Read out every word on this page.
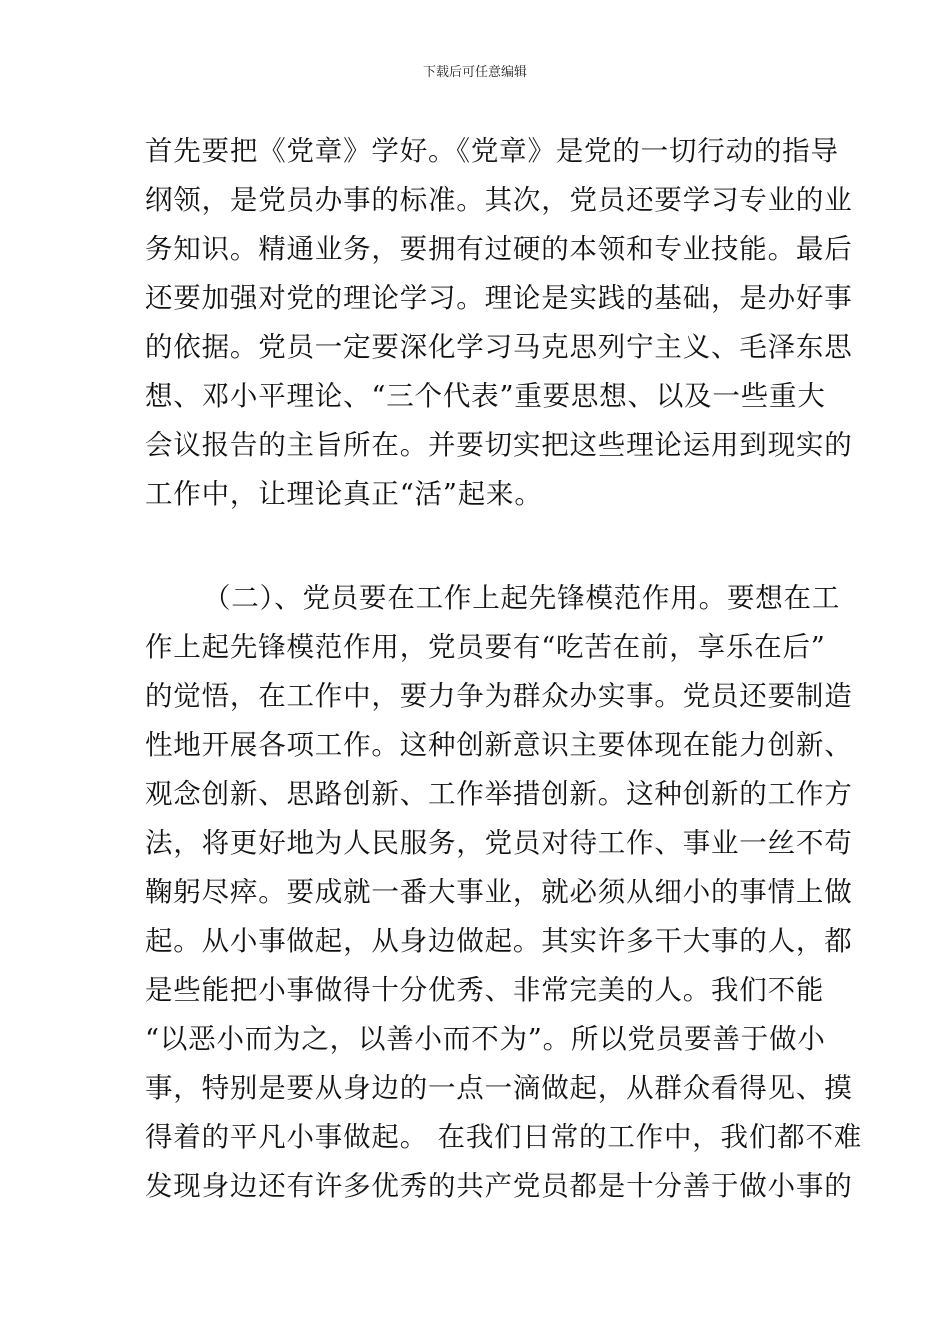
下载后可任意编辑
首先要把《党章》学好。《党章》是党的一切行动的指导
纲领，是党员办事的标准。其次，党员还要学习专业的业
务知识。精通业务，要拥有过硬的本领和专业技能。最后
还要加强对党的理论学习。理论是实践的基础，是办好事
的依据。党员一定要深化学习马克思列宁主义、毛泽东思
想、邓小平理论、“三个代表”重要思想、以及一些重大
会议报告的主旨所在。并要切实把这些理论运用到现实的
工作中，让理论真正“活”起来。
（二）、党员要在工作上起先锋模范作用。要想在工
作上起先锋模范作用，党员要有“吃苦在前，享乐在后”
的觉悟，在工作中，要力争为群众办实事。党员还要制造
性地开展各项工作。这种创新意识主要体现在能力创新、
观念创新、思路创新、工作举措创新。这种创新的工作方
法，将更好地为人民服务，党员对待工作、事业一丝不苟
鞠躬尽瘁。要成就一番大事业，就必须从细小的事情上做
起。从小事做起，从身边做起。其实许多干大事的人，都
是些能把小事做得十分优秀、非常完美的人。我们不能
“以恶小而为之，以善小而不为”。所以党员要善于做小
事，特别是要从身边的一点一滴做起，从群众看得见、摸
得着的平凡小事做起。 在我们日常的工作中，我们都不难
发现身边还有许多优秀的共产党员都是十分善于做小事的
